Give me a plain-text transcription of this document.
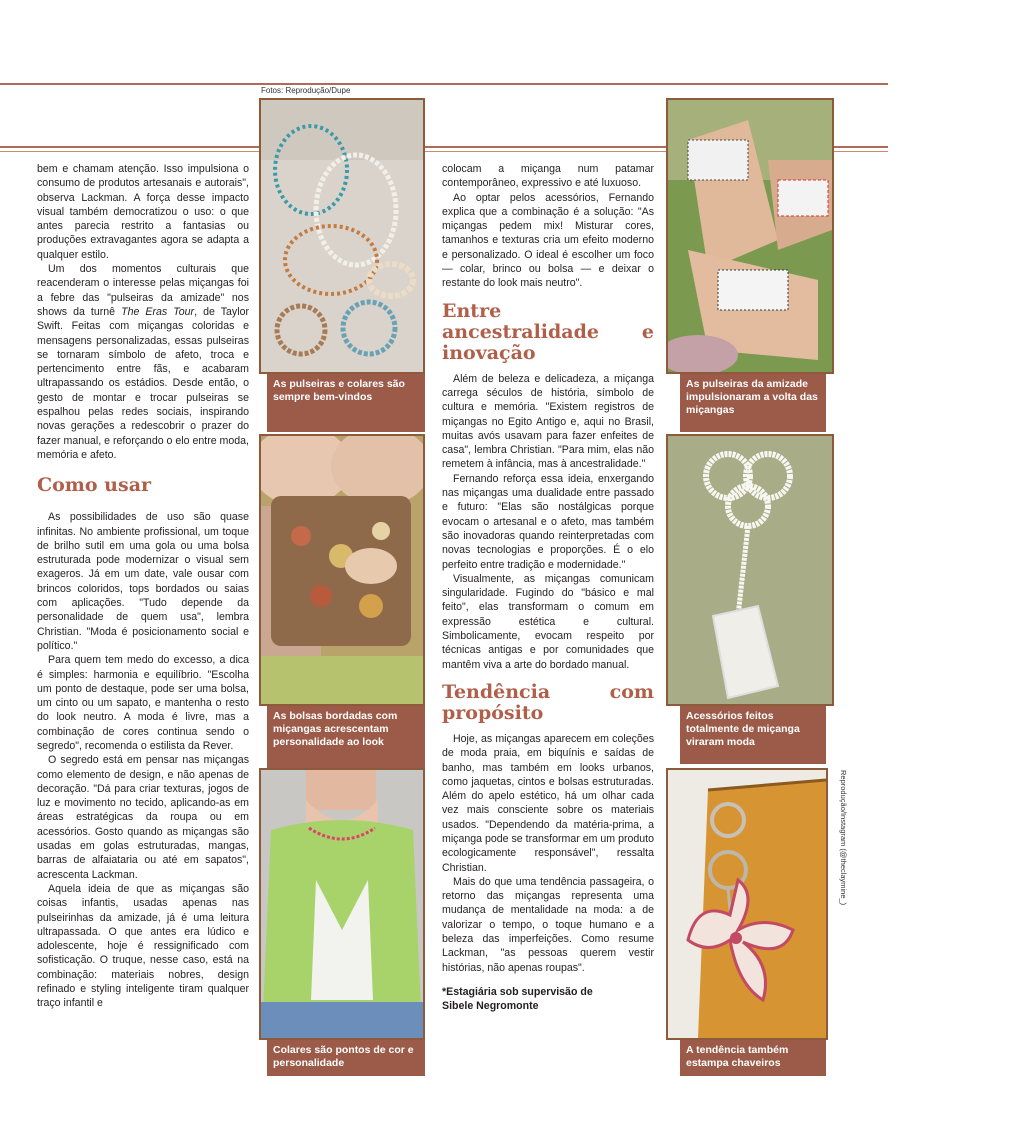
Fotos: Reprodução/Dupe

bem e chamam atenção. Isso impulsiona o consumo de produtos artesanais e autorais", observa Lackman. A força desse impacto visual também democratizou o uso: o que antes parecia restrito a fantasias ou produções extravagantes agora se adapta a qualquer estilo.

Um dos momentos culturais que reacenderam o interesse pelas miçangas foi a febre das "pulseiras da amizade" nos shows da turnê The Eras Tour, de Taylor Swift. Feitas com miçangas coloridas e mensagens personalizadas, essas pulseiras se tornaram símbolo de afeto, troca e pertencimento entre fãs, e acabaram ultrapassando os estádios. Desde então, o gesto de montar e trocar pulseiras se espalhou pelas redes sociais, inspirando novas gerações a redescobrir o prazer do fazer manual, e reforçando o elo entre moda, memória e afeto.

Como usar

As possibilidades de uso são quase infinitas. No ambiente profissional, um toque de brilho sutil em uma gola ou uma bolsa estruturada pode modernizar o visual sem exageros. Já em um date, vale ousar com brincos coloridos, tops bordados ou saias com aplicações. "Tudo depende da personalidade de quem usa", lembra Christian. "Moda é posicionamento social e político."

Para quem tem medo do excesso, a dica é simples: harmonia e equilíbrio. "Escolha um ponto de destaque, pode ser uma bolsa, um cinto ou um sapato, e mantenha o resto do look neutro. A moda é livre, mas a combinação de cores continua sendo o segredo", recomenda o estilista da Rever.

O segredo está em pensar nas miçangas como elemento de design, e não apenas de decoração. "Dá para criar texturas, jogos de luz e movimento no tecido, aplicando-as em áreas estratégicas da roupa ou em acessórios. Gosto quando as miçangas são usadas em golas estruturadas, mangas, barras de alfaiataria ou até em sapatos", acrescenta Lackman.

Aquela ideia de que as miçangas são coisas infantis, usadas apenas nas pulseirinhas da amizade, já é uma leitura ultrapassada. O que antes era lúdico e adolescente, hoje é ressignificado com sofisticação. O truque, nesse caso, está na combinação: materiais nobres, design refinado e styling inteligente tiram qualquer traço infantil e

As pulseiras e colares são sempre bem-vindos
As bolsas bordadas com miçangas acrescentam personalidade ao look
Colares são pontos de cor e personalidade

colocam a miçanga num patamar contemporâneo, expressivo e até luxuoso.

Ao optar pelos acessórios, Fernando explica que a combinação é a solução: "As miçangas pedem mix! Misturar cores, tamanhos e texturas cria um efeito moderno e personalizado. O ideal é escolher um foco — colar, brinco ou bolsa — e deixar o restante do look mais neutro".

Entre ancestralidade e inovação

Além de beleza e delicadeza, a miçanga carrega séculos de história, símbolo de cultura e memória. "Existem registros de miçangas no Egito Antigo e, aqui no Brasil, muitas avós usavam para fazer enfeites de casa", lembra Christian. "Para mim, elas não remetem à infância, mas à ancestralidade."

Fernando reforça essa ideia, enxergando nas miçangas uma dualidade entre passado e futuro: "Elas são nostálgicas porque evocam o artesanal e o afeto, mas também são inovadoras quando reinterpretadas com novas tecnologias e proporções. É o elo perfeito entre tradição e modernidade."

Visualmente, as miçangas comunicam singularidade. Fugindo do "básico e mal feito", elas transformam o comum em expressão estética e cultural. Simbolicamente, evocam respeito por técnicas antigas e por comunidades que mantêm viva a arte do bordado manual.

Tendência com propósito

Hoje, as miçangas aparecem em coleções de moda praia, em biquínis e saídas de banho, mas também em looks urbanos, como jaquetas, cintos e bolsas estruturadas. Além do apelo estético, há um olhar cada vez mais consciente sobre os materiais usados. "Dependendo da matéria-prima, a miçanga pode se transformar em um produto ecologicamente responsável", ressalta Christian.

Mais do que uma tendência passageira, o retorno das miçangas representa uma mudança de mentalidade na moda: a de valorizar o tempo, o toque humano e a beleza das imperfeições. Como resume Lackman, "as pessoas querem vestir histórias, não apenas roupas".

*Estagiária sob supervisão de Sibele Negromonte
As pulseiras da amizade impulsionaram a volta das miçangas
Acessórios feitos totalmente de miçanga viraram moda
A tendência também estampa chaveiros
Reprodução/Instagram (@theclaymine_)
